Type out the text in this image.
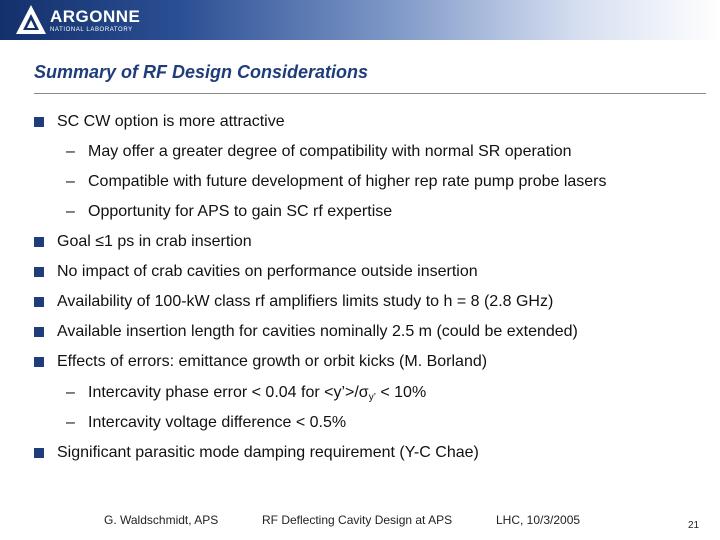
ARGONNE
NATIONAL LABORATORY
Summary of RF Design Considerations
SC CW option is more attractive
– May offer a greater degree of compatibility with normal SR operation
– Compatible with future development of higher rep rate pump probe lasers
– Opportunity for APS to gain SC rf expertise
Goal ≤1 ps in crab insertion
No impact of crab cavities on performance outside insertion
Availability of 100-kW class rf amplifiers limits study to h = 8 (2.8 GHz)
Available insertion length for cavities nominally 2.5 m (could be extended)
Effects of errors: emittance growth or orbit kicks (M. Borland)
– Intercavity phase error < 0.04 for $<y’>/\sigma_{y’} < 10\%$
– Intercavity voltage difference < 0.5%
Significant parasitic mode damping requirement (Y-C Chae)
G. Waldschmidt, APS	RF Deflecting Cavity Design at APS	LHC, 10/3/2005	21
